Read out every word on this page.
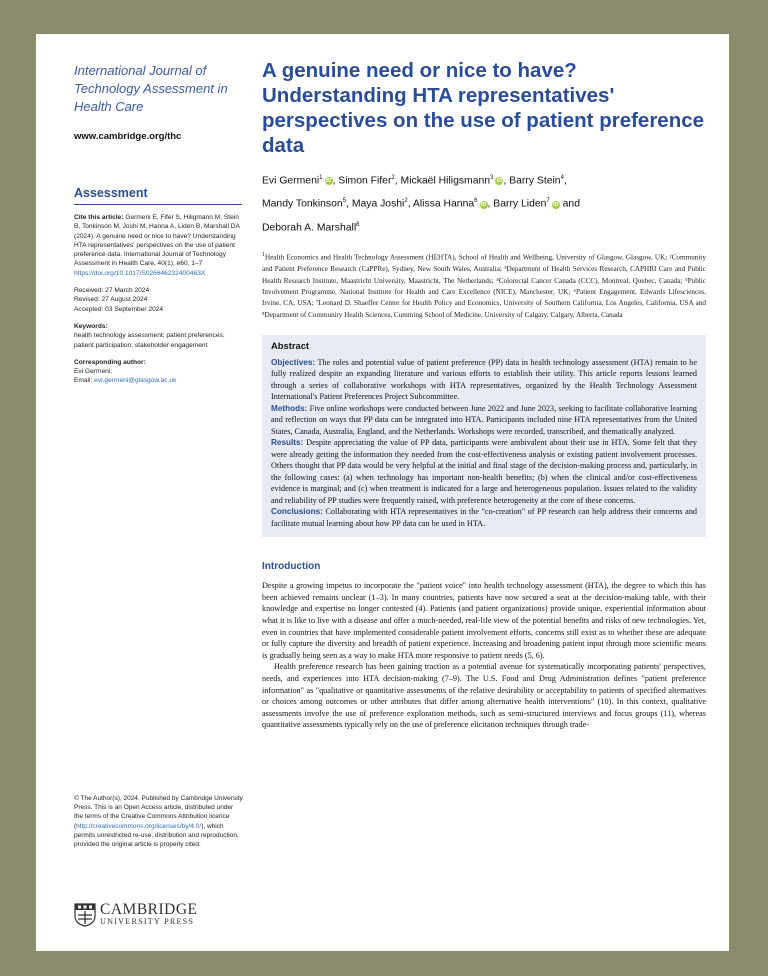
International Journal of
Technology Assessment in
Health Care

www.cambridge.org/thc
Assessment
Cite this article: Germeni E, Fifer S, Hiligmann M, Stein B, Tonkinson M, Joshi M, Hanna A, Liden B, Marshall DA (2024). A genuine need or nice to have? Understanding HTA representatives' perspectives on the use of patient preference data. International Journal of Technology Assessment in Health Care, 40(1), e60, 1–7
https://doi.org/10.1017/S026646232400463X
Received: 27 March 2024
Revised: 27 August 2024
Accepted: 03 September 2024
Keywords:
health technology assessment; patient preferences; patient participation; stakeholder engagement
Corresponding author:
Evi Germeni;
Email: evi.germeni@glasgow.ac.uk
© The Author(s), 2024. Published by Cambridge University Press. This is an Open Access article, distributed under the terms of the Creative Commons Attribution licence (http://creativecommons.org/licenses/by/4.0/), which permits unrestricted re-use, distribution and reproduction, provided the original article is properly cited.
CAMBRIDGE
UNIVERSITY PRESS
A genuine need or nice to have? Understanding HTA representatives' perspectives on the use of patient preference data
Evi Germeni$^1$iD, Simon Fifer$^2$, Mickaël Hiligsmann$^3$iD, Barry Stein$^4$,
Mandy Tonkinson$^5$, Maya Joshi$^2$, Alissa Hanna$^6$iD, Barry Liden$^7$iD and
Deborah A. Marshall$^8$
$^1$Health Economics and Health Technology Assessment (HEHTA), School of Health and Wellbeing, University of Glasgow, Glasgow, UK; ²Community and Patient Preference Research (CaPPRe), Sydney, New South Wales, Australia; ³Department of Health Services Research, CAPHRI Care and Public Health Research Institute, Maastricht University, Maastricht, The Netherlands; ⁴Colorectal Cancer Canada (CCC), Montreal, Quebec, Canada; ⁵Public Involvement Programme, National Institute for Health and Care Excellence (NICE), Manchester, UK; ⁶Patient Engagement, Edwards Lifesciences, Irvine, CA, USA; ⁷Leonard D. Shaeffer Center for Health Policy and Economics, University of Southern California, Los Angeles, California, USA and ⁸Department of Community Health Sciences, Cumming School of Medicine, University of Calgary, Calgary, Alberta, Canada
Abstract

Objectives: The roles and potential value of patient preference (PP) data in health technology assessment (HTA) remain to be fully realized despite an expanding literature and various efforts to establish their utility. This article reports lessons learned through a series of collaborative workshops with HTA representatives, organized by the Health Technology Assessment International's Patient Preferences Project Subcommittee.

Methods: Five online workshops were conducted between June 2022 and June 2023, seeking to facilitate collaborative learning and reflection on ways that PP data can be integrated into HTA. Participants included nine HTA representatives from the United States, Canada, Australia, England, and the Netherlands. Workshops were recorded, transcribed, and thematically analyzed.

Results: Despite appreciating the value of PP data, participants were ambivalent about their use in HTA. Some felt that they were already getting the information they needed from the cost-effectiveness analysis or existing patient involvement processes. Others thought that PP data would be very helpful at the initial and final stage of the decision-making process and, particularly, in the following cases: (a) when technology has important non-health benefits; (b) when the clinical and/or cost-effectiveness evidence is marginal; and (c) when treatment is indicated for a large and heterogeneous population. Issues related to the validity and reliability of PP studies were frequently raised, with preference heterogeneity at the core of these concerns.

Conclusions: Collaborating with HTA representatives in the "co-creation" of PP research can help address their concerns and facilitate mutual learning about how PP data can be used in HTA.

Introduction

Despite a growing impetus to incorporate the "patient voice" into health technology assessment (HTA), the degree to which this has been achieved remains unclear (1–3). In many countries, patients have now secured a seat at the decision-making table, with their knowledge and expertise no longer contested (4). Patients (and patient organizations) provide unique, experiential information about what it is like to live with a disease and offer a much-needed, real-life view of the potential benefits and risks of new technologies. Yet, even in countries that have implemented considerable patient involvement efforts, concerns still exist as to whether these are adequate or fully capture the diversity and breadth of patient experience. Increasing and broadening patient input through more scientific means is gradually being seen as a way to make HTA more responsive to patient needs (5, 6).

Health preference research has been gaining traction as a potential avenue for systematically incorporating patients' perspectives, needs, and experiences into HTA decision-making (7–9). The U.S. Food and Drug Administration defines "patient preference information" as "qualitative or quantitative assessments of the relative desirability or acceptability to patients of specified alternatives or choices among outcomes or other attributes that differ among alternative health interventions" (10). In this context, qualitative assessments involve the use of preference exploration methods, such as semi-structured interviews and focus groups (11), whereas quantitative assessments typically rely on the use of preference elicitation techniques through trade-
